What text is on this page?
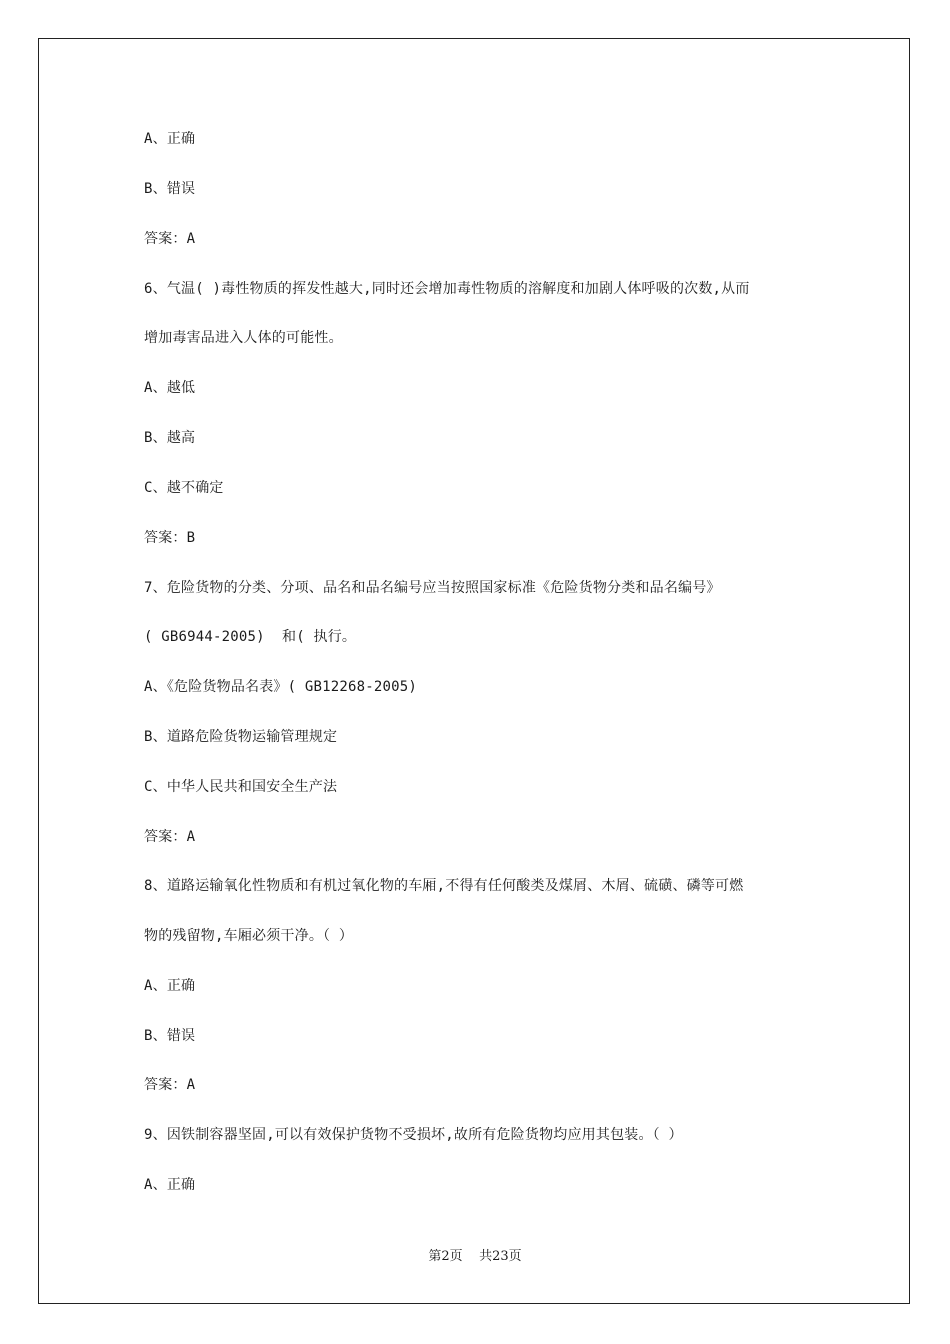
A、正确
B、错误
答案：A
6、气温( )毒性物质的挥发性越大,同时还会增加毒性物质的溶解度和加剧人体呼吸的次数,从而
增加毒害品进入人体的可能性。
A、越低
B、越高
C、越不确定
答案：B
7、危险货物的分类、分项、品名和品名编号应当按照国家标准《危险货物分类和品名编号》
( GB6944-2005)  和( 执行。
A、《危险货物品名表》( GB12268-2005)
B、道路危险货物运输管理规定
C、中华人民共和国安全生产法
答案：A
8、道路运输氧化性物质和有机过氧化物的车厢,不得有任何酸类及煤屑、木屑、硫磺、磷等可燃
物的残留物,车厢必须干净。（ ）
A、正确
B、错误
答案：A
9、因铁制容器坚固,可以有效保护货物不受损坏,故所有危险货物均应用其包装。（ ）
A、正确
第2页    共23页
